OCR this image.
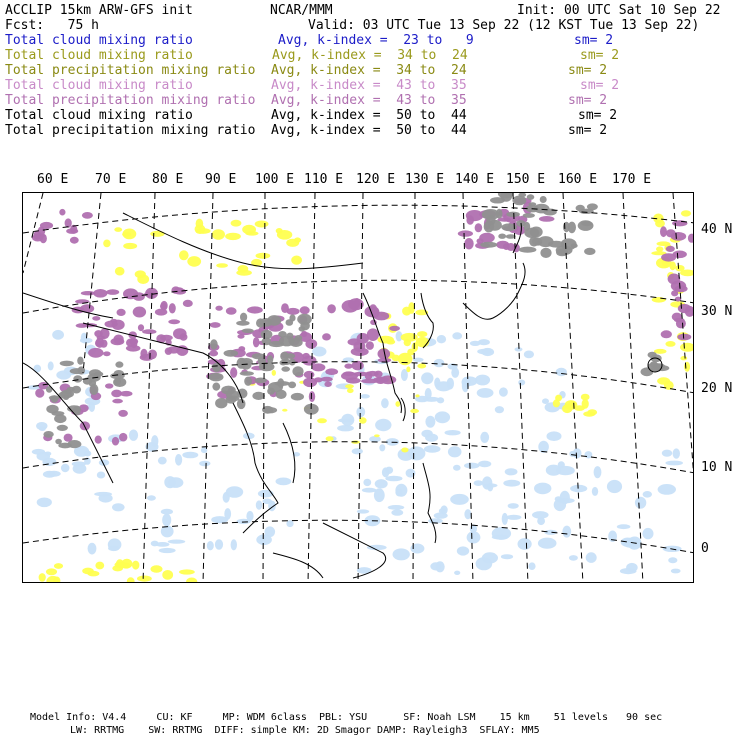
ACCLIP 15km ARW-GFS init	NCAR/MMM	Init: 00 UTC Sat 10 Sep 22
Fcst:   75 h	Valid: 03 UTC Tue 13 Sep 22 (12 KST Tue 13 Sep 22)
Total cloud mixing ratio	Avg, k-index =  23 to   9	sm= 2
Total cloud mixing ratio	Avg, k-index =  34 to  24	sm= 2
Total precipitation mixing ratio Avg, k-index =  34 to  24	sm= 2
Total cloud mixing ratio	Avg, k-index =  43 to  35	sm= 2
Total precipitation mixing ratio Avg, k-index =  43 to  35	sm= 2
Total cloud mixing ratio	Avg, k-index =  50 to  44	sm= 2
Total precipitation mixing ratio Avg, k-index =  50 to  44	sm= 2
60 E 70 E 80 E 90 E 100 E 110 E 120 E 130 E 140 E 150 E 160 E 170 E
40 N
30 N
20 N
10 N
0
Model Info: V4.4     CU: KF     MP: WDM 6class  PBL: YSU      SF: Noah LSM    15 km    51 levels   90 sec
LW: RRTMG    SW: RRTMG  DIFF: simple KM: 2D Smagor DAMP: Rayleigh3  SFLAY: MM5
